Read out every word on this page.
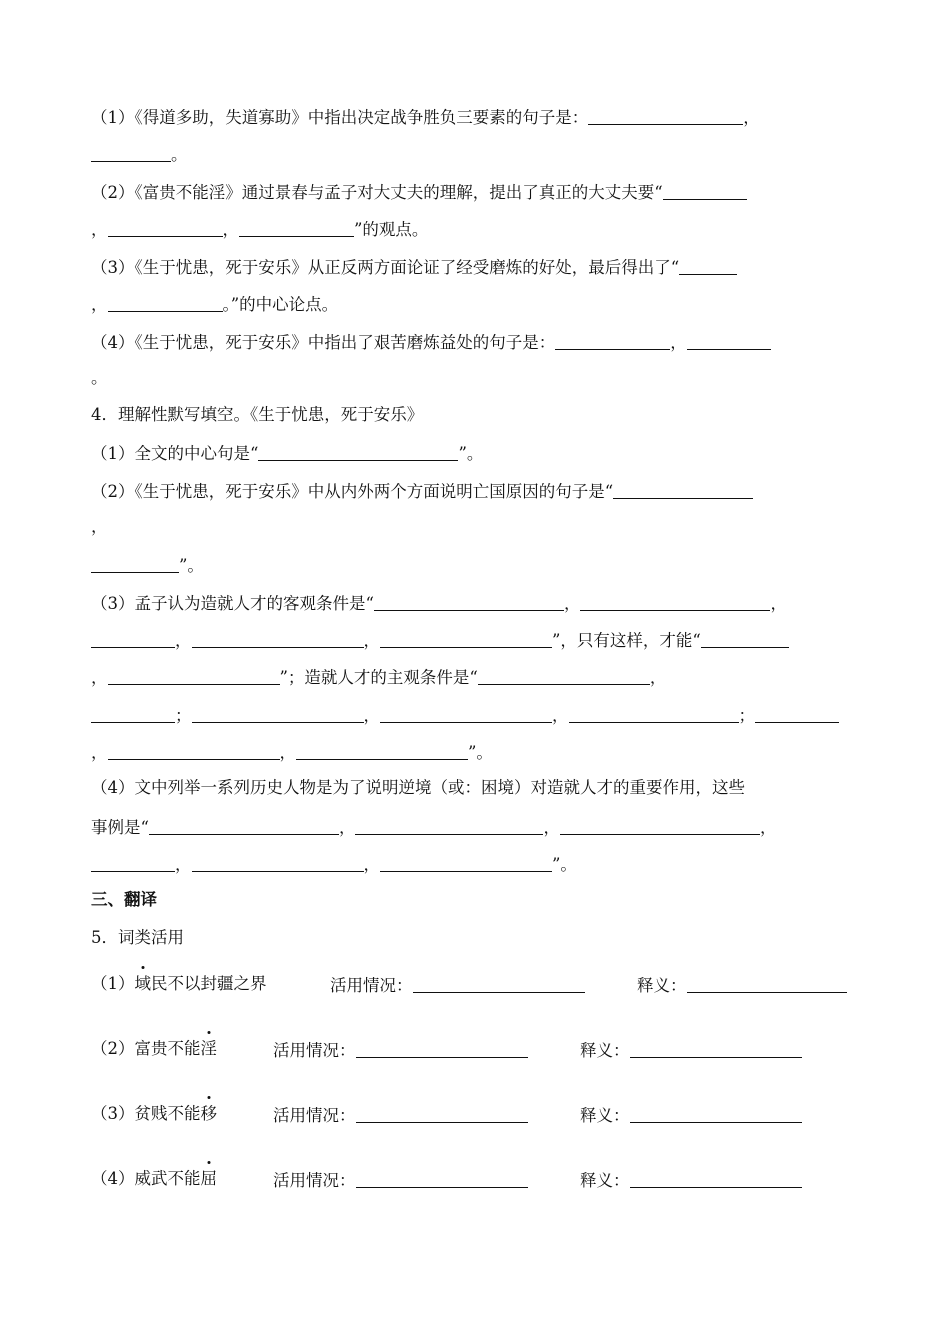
（1）《得道多助，失道寡助》中指出决定战争胜负三要素的句子是：	，
。
（2）《富贵不能淫》通过景春与孟子对大丈夫的理解，提出了真正的大丈夫要“
，	，	”的观点。
（3）《生于忧患，死于安乐》从正反两方面论证了经受磨炼的好处，最后得出了“
，	。”的中心论点。
（4）《生于忧患，死于安乐》中指出了艰苦磨炼益处的句子是：	，
。
4．理解性默写填空。《生于忧患，死于安乐》
（1）全文的中心句是“	”。
（2）《生于忧患，死于安乐》中从内外两个方面说明亡国原因的句子是“
，
”。
（3）孟子认为造就人才的客观条件是“	，	，
，	，	”，只有这样，才能“
，	”；造就人才的主观条件是“	，
；	，	，	；
，	，	”。
（4）文中列举一系列历史人物是为了说明逆境（或：困境）对造就人才的重要作用，这些
事例是“	，	，	，
，	，	”。
三、翻译
5．词类活用
（1）域民不以封疆之界	活用情况：	释义：
（2）富贵不能淫	活用情况：	释义：
（3）贫贱不能移	活用情况：	释义：
（4）威武不能屈	活用情况：	释义：
